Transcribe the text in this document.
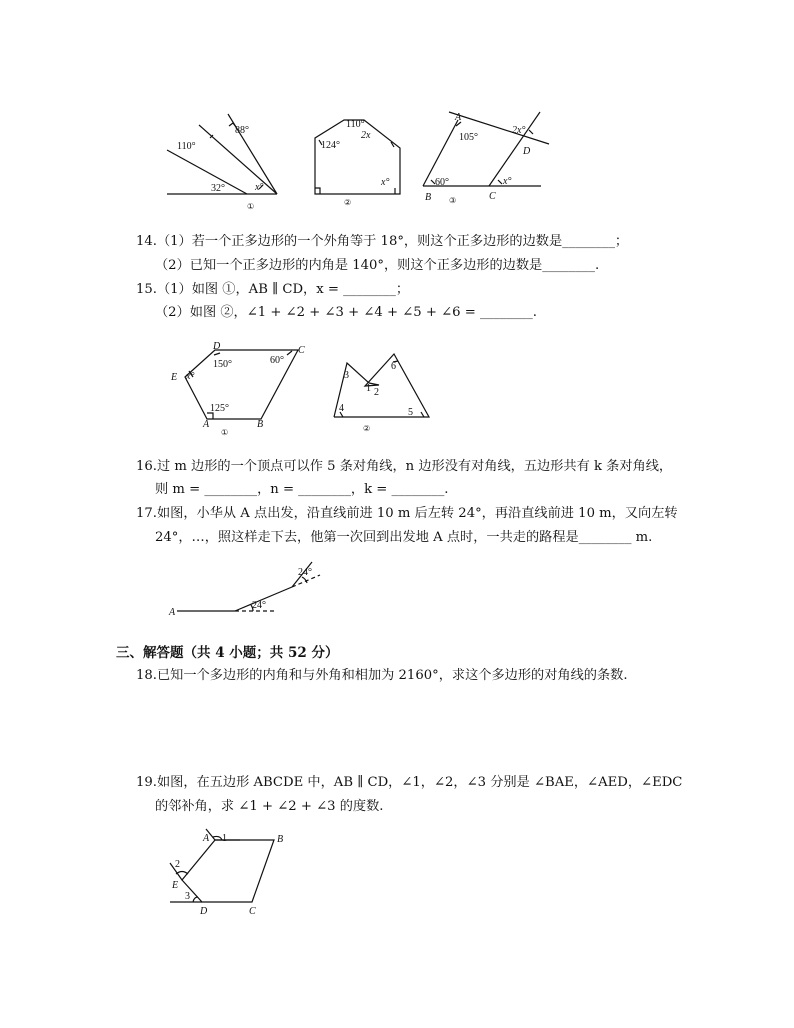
110°
88°
32°	x°
①
110°
2x
124°
x°
②
A
105°
2x°
D
60°	x°
B	C
③
14.（1）若一个正多边形的一个外角等于 18°，则这个正多边形的边数是________；
（2）已知一个正多边形的内角是 140°，则这个正多边形的边数是________.
15.（1）如图 ①，AB ∥ CD，x = ________；
（2）如图 ②，∠1 + ∠2 + ∠3 + ∠4 + ∠5 + ∠6 = ________.
D	C
150°	60°
E x°
125°
A	B
①
3
1 2
6
4	5
②
16.过 m 边形的一个顶点可以作 5 条对角线，n 边形没有对角线，五边形共有 k 条对角线，
则 m = ________，n = ________，k = ________.
17.如图，小华从 A 点出发，沿直线前进 10 m 后左转 24°，再沿直线前进 10 m，又向左转
24°，…，照这样走下去，他第一次回到出发地 A 点时，一共走的路程是________ m.
A
24°
24°
三、解答题（共 4 小题；共 52 分）
18.已知一个多边形的内角和与外角和相加为 2160°，求这个多边形的对角线的条数.
19.如图，在五边形 ABCDE 中，AB ∥ CD，∠1，∠2，∠3 分别是 ∠BAE，∠AED，∠EDC
的邻补角，求 ∠1 + ∠2 + ∠3 的度数.
A 1	B
2
E
3
D	C
